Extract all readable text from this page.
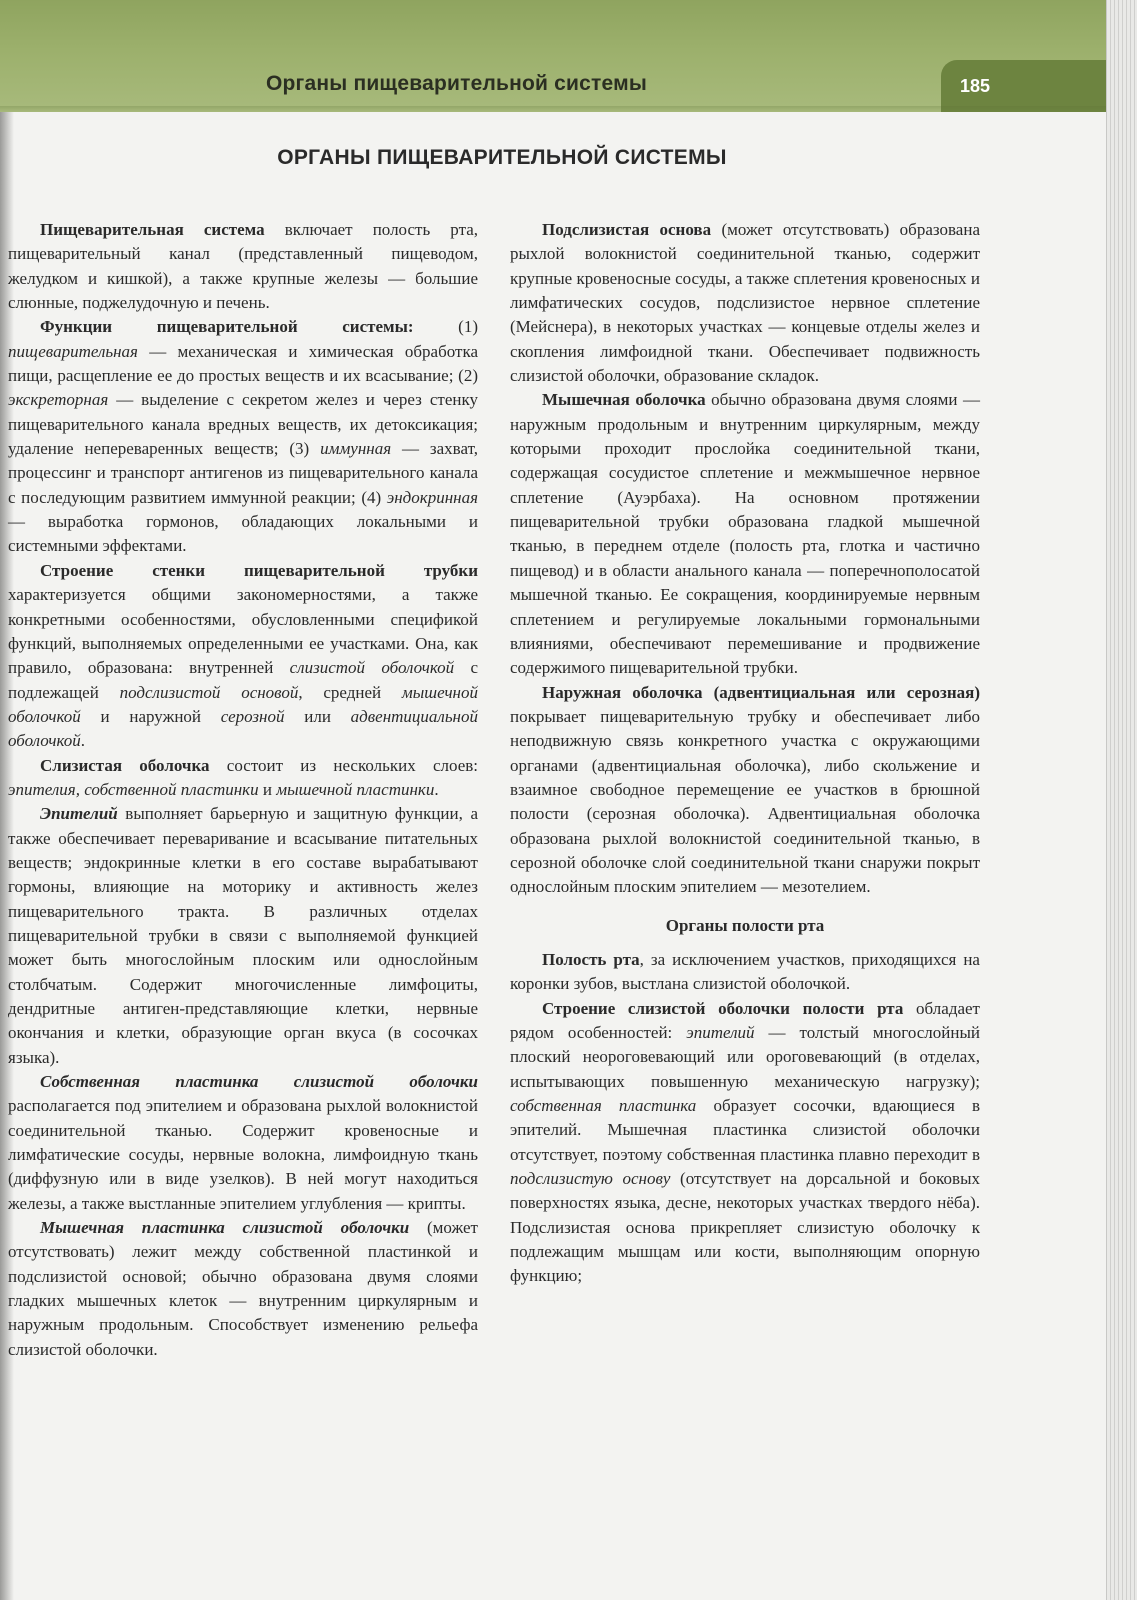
Органы пищеварительной системы	185
ОРГАНЫ ПИЩЕВАРИТЕЛЬНОЙ СИСТЕМЫ

Пищеварительная система включает полость рта, пищеварительный канал (представленный пищеводом, желудком и кишкой), а также крупные железы — большие слюнные, поджелудочную и печень.

Функции пищеварительной системы: (1) пищеварительная — механическая и химическая обработка пищи, расщепление ее до простых веществ и их всасывание; (2) экскреторная — выделение с секретом желез и через стенку пищеварительного канала вредных веществ, их детоксикация; удаление непереваренных веществ; (3) иммунная — захват, процессинг и транспорт антигенов из пищеварительного канала с последующим развитием иммунной реакции; (4) эндокринная — выработка гормонов, обладающих локальными и системными эффектами.

Строение стенки пищеварительной трубки характеризуется общими закономерностями, а также конкретными особенностями, обусловленными спецификой функций, выполняемых определенными ее участками. Она, как правило, образована: внутренней слизистой оболочкой с подлежащей подслизистой основой, средней мышечной оболочкой и наружной серозной или адвентициальной оболочкой.

Слизистая оболочка состоит из нескольких слоев: эпителия, собственной пластинки и мышечной пластинки.

Эпителий выполняет барьерную и защитную функции, а также обеспечивает переваривание и всасывание питательных веществ; эндокринные клетки в его составе вырабатывают гормоны, влияющие на моторику и активность желез пищеварительного тракта. В различных отделах пищеварительной трубки в связи с выполняемой функцией может быть многослойным плоским или однослойным столбчатым. Содержит многочисленные лимфоциты, дендритные антиген-представляющие клетки, нервные окончания и клетки, образующие орган вкуса (в сосочках языка).

Собственная пластинка слизистой оболочки располагается под эпителием и образована рыхлой волокнистой соединительной тканью. Содержит кровеносные и лимфатические сосуды, нервные волокна, лимфоидную ткань (диффузную или в виде узелков). В ней могут находиться железы, а также выстланные эпителием углубления — крипты.

Мышечная пластинка слизистой оболочки (может отсутствовать) лежит между собственной пластинкой и подслизистой основой; обычно образована двумя слоями гладких мышечных клеток — внутренним циркулярным и наружным продольным. Способствует изменению рельефа слизистой оболочки.

Подслизистая основа (может отсутствовать) образована рыхлой волокнистой соединительной тканью, содержит крупные кровеносные сосуды, а также сплетения кровеносных и лимфатических сосудов, подслизистое нервное сплетение (Мейснера), в некоторых участках — концевые отделы желез и скопления лимфоидной ткани. Обеспечивает подвижность слизистой оболочки, образование складок.

Мышечная оболочка обычно образована двумя слоями — наружным продольным и внутренним циркулярным, между которыми проходит прослойка соединительной ткани, содержащая сосудистое сплетение и межмышечное нервное сплетение (Ауэрбаха). На основном протяжении пищеварительной трубки образована гладкой мышечной тканью, в переднем отделе (полость рта, глотка и частично пищевод) и в области анального канала — поперечнополосатой мышечной тканью. Ее сокращения, координируемые нервным сплетением и регулируемые локальными гормональными влияниями, обеспечивают перемешивание и продвижение содержимого пищеварительной трубки.

Наружная оболочка (адвентициальная или серозная) покрывает пищеварительную трубку и обеспечивает либо неподвижную связь конкретного участка с окружающими органами (адвентициальная оболочка), либо скольжение и взаимное свободное перемещение ее участков в брюшной полости (серозная оболочка). Адвентициальная оболочка образована рыхлой волокнистой соединительной тканью, в серозной оболочке слой соединительной ткани снаружи покрыт однослойным плоским эпителием — мезотелием.

Органы полости рта

Полость рта, за исключением участков, приходящихся на коронки зубов, выстлана слизистой оболочкой.

Строение слизистой оболочки полости рта обладает рядом особенностей: эпителий — толстый многослойный плоский неороговевающий или ороговевающий (в отделах, испытывающих повышенную механическую нагрузку); собственная пластинка образует сосочки, вдающиеся в эпителий. Мышечная пластинка слизистой оболочки отсутствует, поэтому собственная пластинка плавно переходит в подслизистую основу (отсутствует на дорсальной и боковых поверхностях языка, десне, некоторых участках твердого нёба). Подслизистая основа прикрепляет слизистую оболочку к подлежащим мышцам или кости, выполняющим опорную функцию;
